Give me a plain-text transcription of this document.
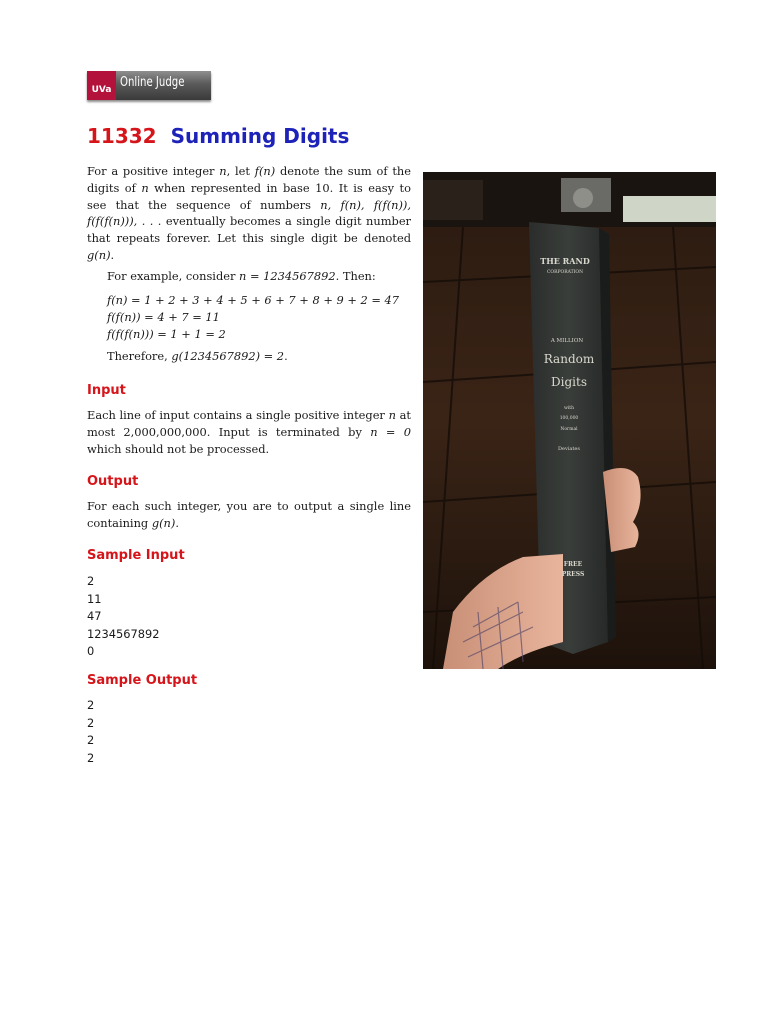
UVa Online Judge
11332 Summing Digits

For a positive integer n, let f(n) denote the sum of the digits of n when represented in base 10. It is easy to see that the sequence of numbers n, f(n), f(f(n)), f(f(f(n))), . . . eventually becomes a single digit number that repeats forever. Let this single digit be denoted g(n).

For example, consider n = 1234567892. Then:

f(n) = 1 + 2 + 3 + 4 + 5 + 6 + 7 + 8 + 9 + 2 = 47
f(f(n)) = 4 + 7 = 11
f(f(f(n))) = 1 + 1 = 2

Therefore, g(1234567892) = 2.

Input

Each line of input contains a single positive integer n at most 2,000,000,000. Input is terminated by n = 0 which should not be processed.

Output

For each such integer, you are to output a single line containing g(n).

Sample Input
2
11
47
1234567892
0
Sample Output
2
2
2
2
THE RAND
CORPORATION
A MILLION
Random
Digits
with
100,000
Normal
Deviates
FREE
PRESS
